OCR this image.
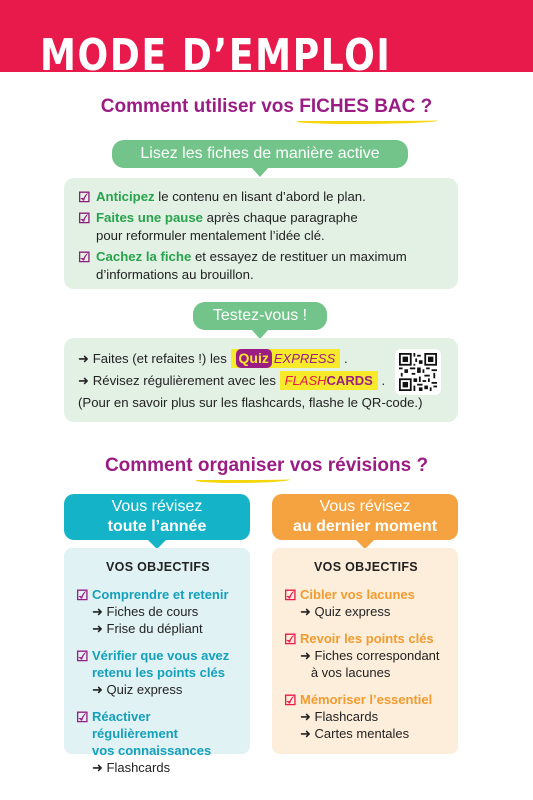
MODE D’EMPLOI
Comment utiliser vos FICHES BAC ?
Lisez les fiches de manière active
☑ Anticipez le contenu en lisant d’abord le plan.
☑ Faites une pause après chaque paragraphe
pour reformuler mentalement l’idée clé.
☑ Cachez la fiche et essayez de restituer un maximum
d’informations au brouillon.
Testez-vous !
➜ Faites (et refaites !) les Quiz EXPRESS .
➜ Révisez régulièrement avec les FLASHCARDS .
(Pour en savoir plus sur les flashcards, flashe le QR-code.)
Comment organiser
vos révisions ?
Vous révisez
toute l’année
VOS OBJECTIFS
☑ Comprendre et retenir
➜ Fiches de cours
➜ Frise du dépliant
☑ Vérifier que vous avez
retenu les points clés
➜ Quiz express
☑ Réactiver régulièrement
vos connaissances
➜ Flashcards
Vous révisez
au dernier moment
VOS OBJECTIFS
☑ Cibler vos lacunes
➜ Quiz express
☑ Revoir les points clés
➜ Fiches correspondant
à vos lacunes
☑ Mémoriser l’essentiel
➜ Flashcards
➜ Cartes mentales
